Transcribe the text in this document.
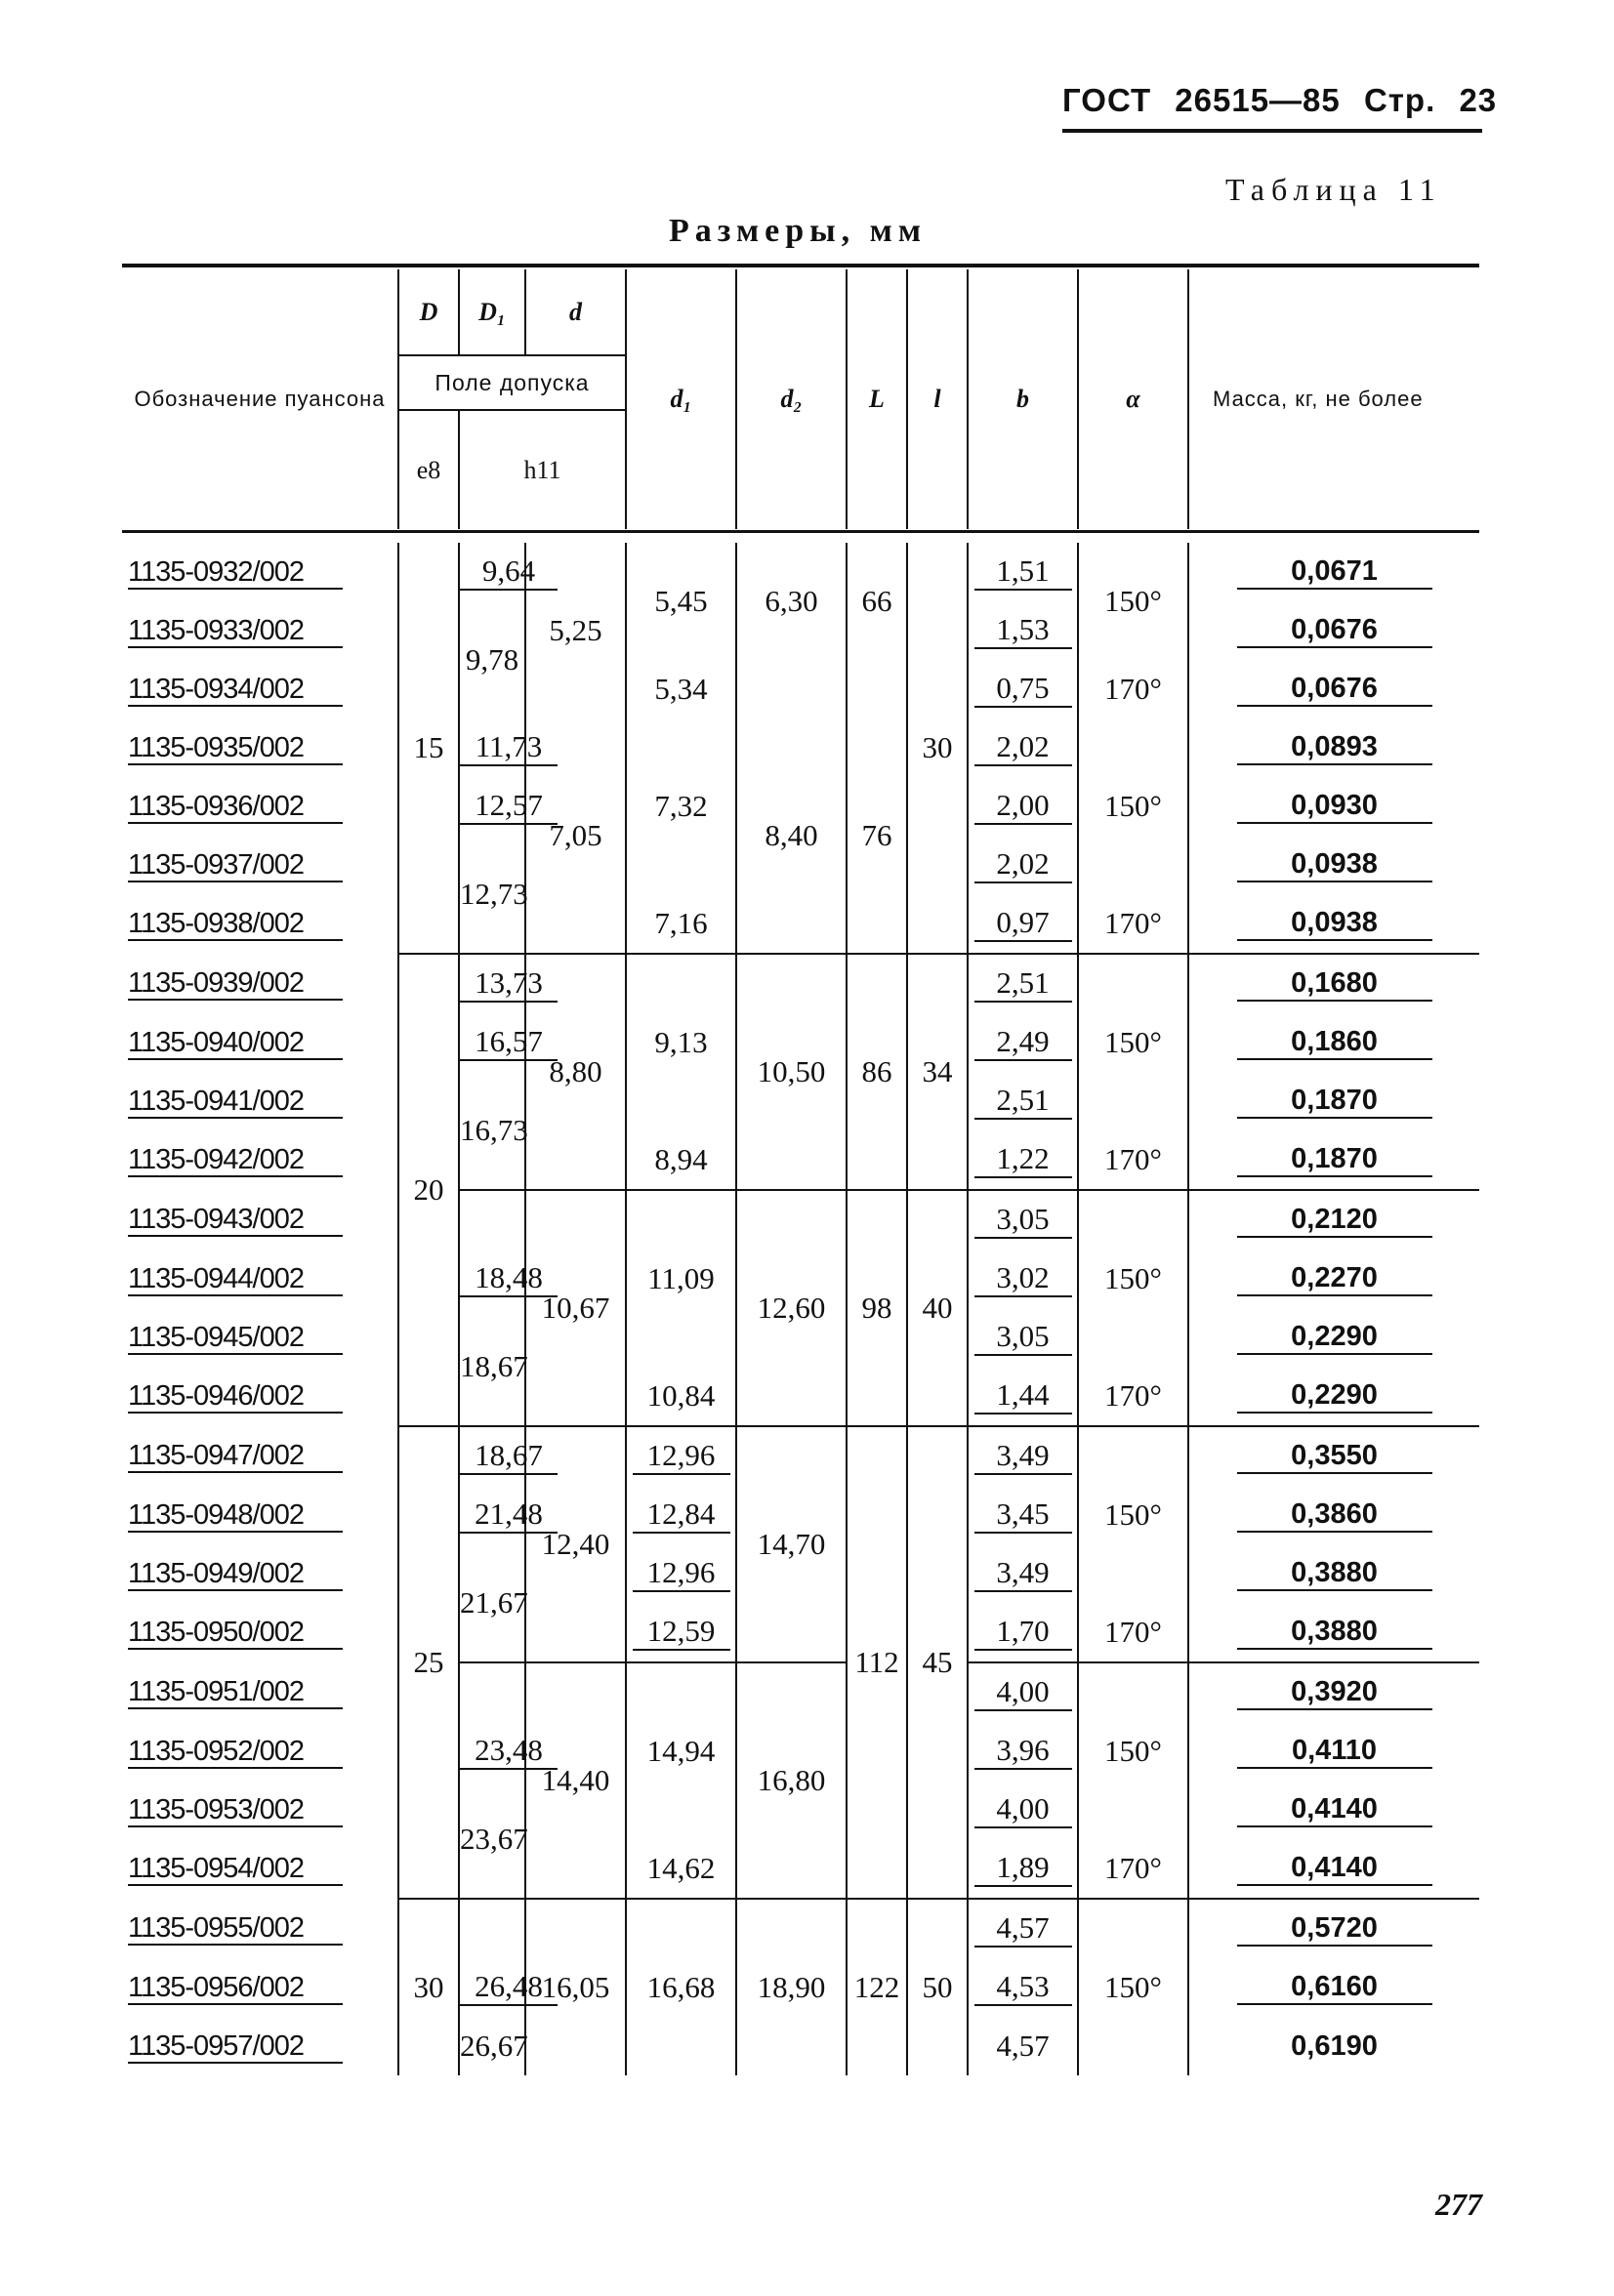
ГОСТ 26515—85 Стр. 23
Таблица 11
Размеры, мм
Обозначение пуансона	D	D₁	d	d₁	d₂	L	l	b	α	Масса, кг, не более
	Поле допуска									
	e8	h11								
1135-0932/002	15	9,64	5,25	5,45	6,30	66	30	1,51	150°	0,0671
1135-0933/002		9,78						1,53		0,0676
1135-0934/002				5,34				0,75	170°	0,0676
1135-0935/002		11,73	7,05	7,32	8,40	76		2,02	150°	0,0893
1135-0936/002		12,57						2,00		0,0930
1135-0937/002		12,73						2,02		0,0938
1135-0938/002				7,16				0,97	170°	0,0938
1135-0939/002	20	13,73	8,80	9,13	10,50	86	34	2,51	150°	0,1680
1135-0940/002		16,57						2,49		0,1860
1135-0941/002		16,73						2,51		0,1870
1135-0942/002				8,94				1,22	170°	0,1870
1135-0943/002			10,67	11,09	12,60	98	40	3,05	150°	0,2120
1135-0944/002		18,48						3,02		0,2270
1135-0945/002		18,67						3,05		0,2290
1135-0946/002				10,84				1,44	170°	0,2290
1135-0947/002	25	18,67	12,40	12,96	14,70	112	45	3,49	150°	0,3550
1135-0948/002		21,48		12,84				3,45		0,3860
1135-0949/002		21,67		12,96				3,49		0,3880
1135-0950/002				12,59				1,70	170°	0,3880
1135-0951/002			14,40	14,94	16,80			4,00	150°	0,3920
1135-0952/002		23,48						3,96		0,4110
1135-0953/002		23,67						4,00		0,4140
1135-0954/002				14,62				1,89	170°	0,4140
1135-0955/002	30		16,05	16,68	18,90	122	50	4,57	150°	0,5720
1135-0956/002		26,48						4,53		0,6160
1135-0957/002		26,67						4,57		0,6190
277
